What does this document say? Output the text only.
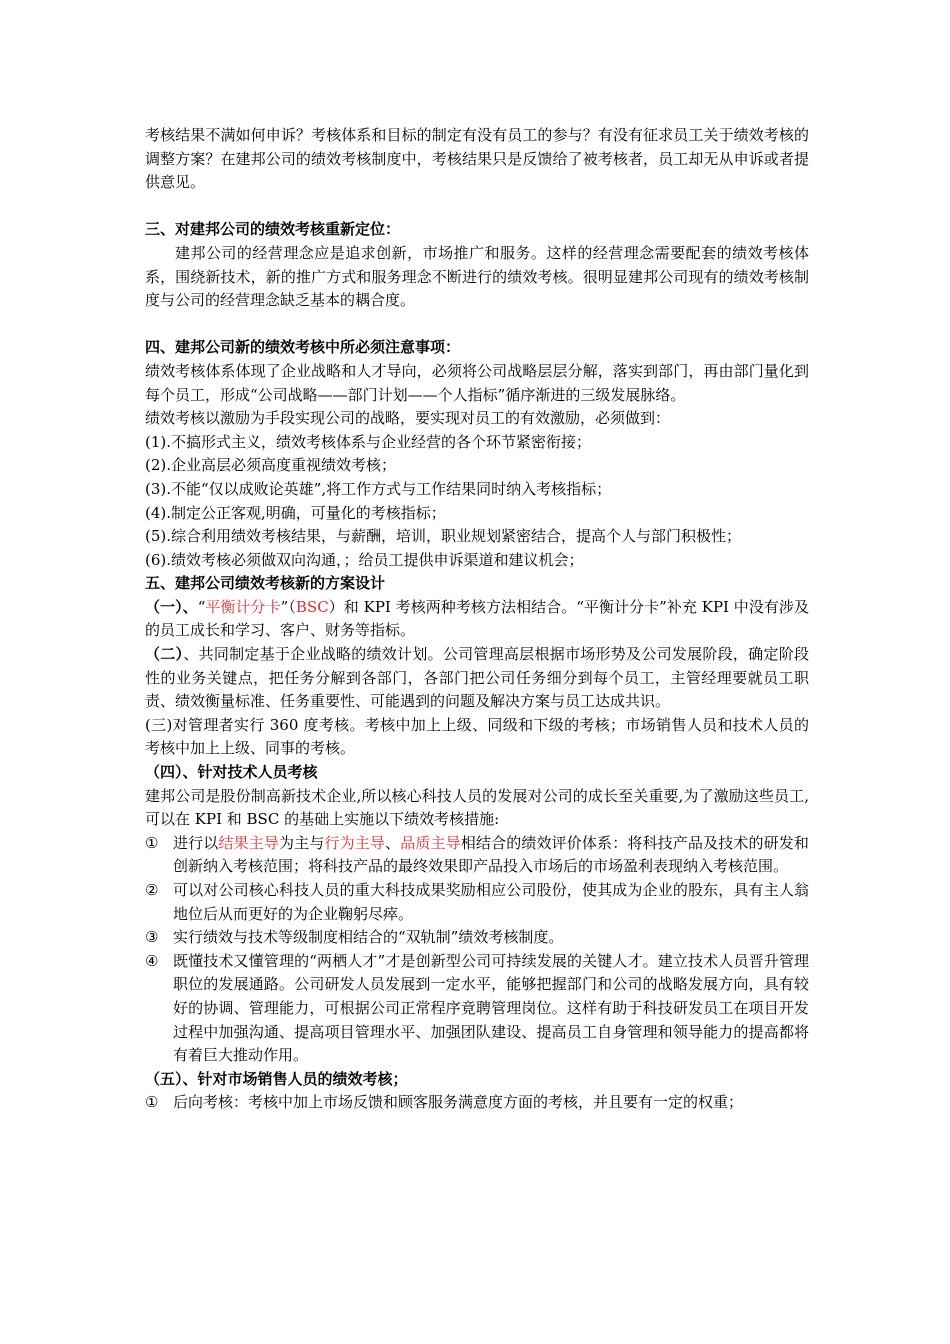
考核结果不满如何申诉？考核体系和目标的制定有没有员工的参与？有没有征求员工关于绩效考核的调整方案？在建邦公司的绩效考核制度中，考核结果只是反馈给了被考核者，员工却无从申诉或者提供意见。

三、对建邦公司的绩效考核重新定位：

建邦公司的经营理念应是追求创新，市场推广和服务。这样的经营理念需要配套的绩效考核体系，围绕新技术，新的推广方式和服务理念不断进行的绩效考核。很明显建邦公司现有的绩效考核制度与公司的经营理念缺乏基本的耦合度。

四、建邦公司新的绩效考核中所必须注意事项：

绩效考核体系体现了企业战略和人才导向，必须将公司战略层层分解，落实到部门，再由部门量化到每个员工，形成“公司战略——部门计划——个人指标”循序渐进的三级发展脉络。

绩效考核以激励为手段实现公司的战略，要实现对员工的有效激励，必须做到：

(1).不搞形式主义，绩效考核体系与企业经营的各个环节紧密衔接；

(2).企业高层必须高度重视绩效考核；

(3).不能“仅以成败论英雄”,将工作方式与工作结果同时纳入考核指标；

(4).制定公正客观,明确，可量化的考核指标；

(5).综合利用绩效考核结果，与薪酬，培训，职业规划紧密结合，提高个人与部门积极性；

(6).绩效考核必须做双向沟通，；给员工提供申诉渠道和建议机会；

五、建邦公司绩效考核新的方案设计

（一）、“平衡计分卡”（BSC）和 KPI 考核两种考核方法相结合。“平衡计分卡”补充 KPI 中没有涉及的员工成长和学习、客户、财务等指标。

（二）、共同制定基于企业战略的绩效计划。公司管理高层根据市场形势及公司发展阶段，确定阶段性的业务关键点，把任务分解到各部门，各部门把公司任务细分到每个员工，主管经理要就员工职责、绩效衡量标准、任务重要性、可能遇到的问题及解决方案与员工达成共识。

(三)对管理者实行 360 度考核。考核中加上上级、同级和下级的考核；市场销售人员和技术人员的考核中加上上级、同事的考核。

（四）、针对技术人员考核

建邦公司是股份制高新技术企业,所以核心科技人员的发展对公司的成长至关重要,为了激励这些员工,可以在 KPI 和 BSC 的基础上实施以下绩效考核措施:

① 进行以结果主导为主与行为主导、品质主导相结合的绩效评价体系：将科技产品及技术的研发和创新纳入考核范围；将科技产品的最终效果即产品投入市场后的市场盈利表现纳入考核范围。
② 可以对公司核心科技人员的重大科技成果奖励相应公司股份，使其成为企业的股东，具有主人翁地位后从而更好的为企业鞠躬尽瘁。
③ 实行绩效与技术等级制度相结合的“双轨制”绩效考核制度。
④ 既懂技术又懂管理的“两栖人才”才是创新型公司可持续发展的关键人才。建立技术人员晋升管理职位的发展通路。公司研发人员发展到一定水平，能够把握部门和公司的战略发展方向，具有较好的协调、管理能力，可根据公司正常程序竟聘管理岗位。这样有助于科技研发员工在项目开发过程中加强沟通、提高项目管理水平、加强团队建设、提高员工自身管理和领导能力的提高都将有着巨大推动作用。

（五）、针对市场销售人员的绩效考核；

① 后向考核：考核中加上市场反馈和顾客服务满意度方面的考核，并且要有一定的权重；
